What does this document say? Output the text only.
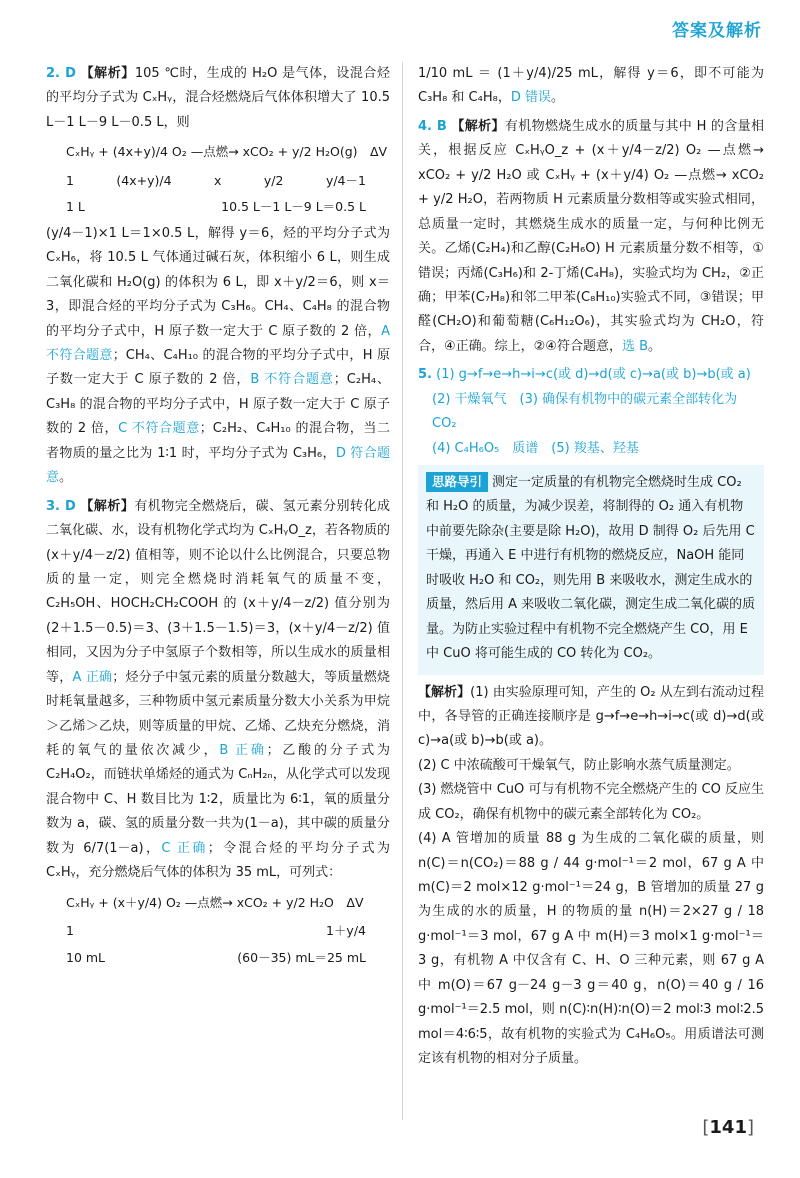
答案及解析

2. D 【解析】105 ℃时，生成的 H₂O 是气体，设混合烃的平均分子式为 CₓHᵧ，混合烃燃烧后气体体积增大了 10.5 L－1 L－9 L－0.5 L，则

CₓHᵧ + (4x+y)/4 O₂ —点燃→ xCO₂ + y/2 H₂O(g)　ΔV
1	(4x+y)/4	x	y/2	y/4－1
1 L	10.5 L－1 L－9 L＝0.5 L

(y/4－1)×1 L＝1×0.5 L，解得 y＝6，烃的平均分子式为 CₓH₆，将 10.5 L 气体通过碱石灰，体积缩小 6 L，则生成二氧化碳和 H₂O(g) 的体积为 6 L，即 x＋y/2＝6，则 x＝3，即混合烃的平均分子式为 C₃H₆。CH₄、C₄H₈ 的混合物的平均分子式中，H 原子数一定大于 C 原子数的 2 倍，A 不符合题意；CH₄、C₄H₁₀ 的混合物的平均分子式中，H 原子数一定大于 C 原子数的 2 倍，B 不符合题意；C₂H₄、C₃H₈ 的混合物的平均分子式中，H 原子数一定大于 C 原子数的 2 倍，C 不符合题意；C₂H₂、C₄H₁₀ 的混合物，当二者物质的量之比为 1∶1 时，平均分子式为 C₃H₆，D 符合题意。

3. D 【解析】有机物完全燃烧后，碳、氢元素分别转化成二氧化碳、水，设有机物化学式均为 CₓHᵧO_z，若各物质的 (x＋y/4－z/2) 值相等，则不论以什么比例混合，只要总物质的量一定，则完全燃烧时消耗氧气的质量不变，C₂H₅OH、HOCH₂CH₂COOH 的 (x＋y/4－z/2) 值分别为(2＋1.5－0.5)＝3、(3＋1.5－1.5)＝3，(x＋y/4－z/2) 值相同，又因为分子中氢原子个数相等，所以生成水的质量相等，A 正确；烃分子中氢元素的质量分数越大，等质量燃烧时耗氧量越多，三种物质中氢元素质量分数大小关系为甲烷＞乙烯＞乙炔，则等质量的甲烷、乙烯、乙炔充分燃烧，消耗的氧气的量依次减少，B 正确；乙酸的分子式为 C₂H₄O₂，而链状单烯烃的通式为 CₙH₂ₙ，从化学式可以发现混合物中 C、H 数目比为 1∶2，质量比为 6∶1，氧的质量分数为 a，碳、氢的质量分数一共为(1－a)，其中碳的质量分数为 6/7(1－a)，C 正确；令混合烃的平均分子式为 CₓHᵧ，充分燃烧后气体的体积为 35 mL，可列式：

CₓHᵧ + (x＋y/4) O₂ —点燃→ xCO₂ + y/2 H₂O　ΔV
1	1＋y/4
10 mL	(60－35) mL＝25 mL

1/10 mL ＝ (1＋y/4)/25 mL，解得 y＝6，即不可能为 C₃H₈ 和 C₄H₈，D 错误。

4. B 【解析】有机物燃烧生成水的质量与其中 H 的含量相关，根据反应 CₓHᵧO_z + (x＋y/4－z/2) O₂ —点燃→ xCO₂ + y/2 H₂O 或 CₓHᵧ + (x＋y/4) O₂ —点燃→ xCO₂ + y/2 H₂O，若两物质 H 元素质量分数相等或实验式相同，总质量一定时，其燃烧生成水的质量一定，与何种比例无关。乙烯(C₂H₄)和乙醇(C₂H₆O) H 元素质量分数不相等，①错误；丙烯(C₃H₆)和 2-丁烯(C₄H₈)，实验式均为 CH₂，②正确；甲苯(C₇H₈)和邻二甲苯(C₈H₁₀)实验式不同，③错误；甲醛(CH₂O)和葡萄糖(C₆H₁₂O₆)，其实验式均为 CH₂O，符合，④正确。综上，②④符合题意，选 B。

5. (1) g→f→e→h→i→c(或 d)→d(或 c)→a(或 b)→b(或 a)
(2) 干燥氧气　(3) 确保有机物中的碳元素全部转化为 CO₂
(4) C₄H₆O₅　质谱　(5) 羧基、羟基
思路导引 测定一定质量的有机物完全燃烧时生成 CO₂ 和 H₂O 的质量，为减少误差，将制得的 O₂ 通入有机物中前要先除杂(主要是除 H₂O)，故用 D 制得 O₂ 后先用 C 干燥，再通入 E 中进行有机物的燃烧反应，NaOH 能同时吸收 H₂O 和 CO₂，则先用 B 来吸收水，测定生成水的质量，然后用 A 来吸收二氧化碳，测定生成二氧化碳的质量。为防止实验过程中有机物不完全燃烧产生 CO，用 E 中 CuO 将可能生成的 CO 转化为 CO₂。

【解析】(1) 由实验原理可知，产生的 O₂ 从左到右流动过程中，各导管的正确连接顺序是 g→f→e→h→i→c(或 d)→d(或 c)→a(或 b)→b(或 a)。

(2) C 中浓硫酸可干燥氧气，防止影响水蒸气质量测定。

(3) 燃烧管中 CuO 可与有机物不完全燃烧产生的 CO 反应生成 CO₂，确保有机物中的碳元素全部转化为 CO₂。

(4) A 管增加的质量 88 g 为生成的二氧化碳的质量，则 n(C)＝n(CO₂)＝88 g / 44 g·mol⁻¹＝2 mol，67 g A 中 m(C)＝2 mol×12 g·mol⁻¹＝24 g，B 管增加的质量 27 g 为生成的水的质量，H 的物质的量 n(H)＝2×27 g / 18 g·mol⁻¹＝3 mol，67 g A 中 m(H)＝3 mol×1 g·mol⁻¹＝3 g，有机物 A 中仅含有 C、H、O 三种元素，则 67 g A 中 m(O)＝67 g－24 g－3 g＝40 g，n(O)＝40 g / 16 g·mol⁻¹＝2.5 mol，则 n(C)∶n(H)∶n(O)＝2 mol∶3 mol∶2.5 mol＝4∶6∶5，故有机物的实验式为 C₄H₆O₅。用质谱法可测定该有机物的相对分子质量。

[141]
